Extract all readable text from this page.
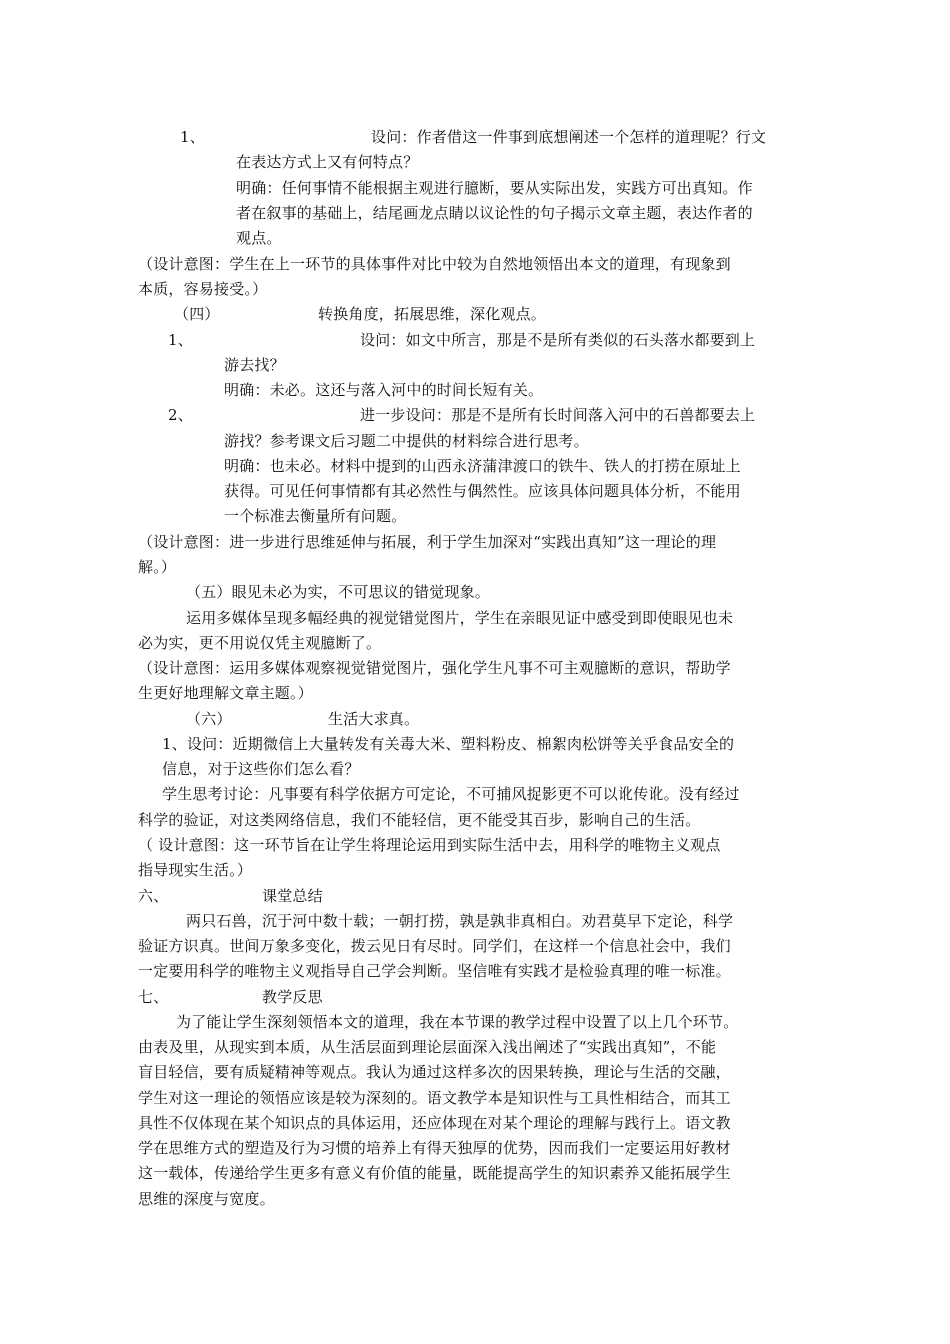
1、	设问：作者借这一件事到底想阐述一个怎样的道理呢？行文
在表达方式上又有何特点？
明确：任何事情不能根据主观进行臆断，要从实际出发，实践方可出真知。作
者在叙事的基础上，结尾画龙点睛以议论性的句子揭示文章主题，表达作者的
观点。
（设计意图：学生在上一环节的具体事件对比中较为自然地领悟出本文的道理，有现象到
本质，容易接受。）
（四）	转换角度，拓展思维，深化观点。
1、	设问：如文中所言，那是不是所有类似的石头落水都要到上
游去找？
明确：未必。这还与落入河中的时间长短有关。
2、	进一步设问：那是不是所有长时间落入河中的石兽都要去上
游找？参考课文后习题二中提供的材料综合进行思考。
明确：也未必。材料中提到的山西永济蒲津渡口的铁牛、铁人的打捞在原址上
获得。可见任何事情都有其必然性与偶然性。应该具体问题具体分析，不能用
一个标准去衡量所有问题。
（设计意图：进一步进行思维延伸与拓展，利于学生加深对“实践出真知”这一理论的理
解。）
（五）眼见未必为实，不可思议的错觉现象。
运用多媒体呈现多幅经典的视觉错觉图片，学生在亲眼见证中感受到即使眼见也未
必为实，更不用说仅凭主观臆断了。
（设计意图：运用多媒体观察视觉错觉图片，强化学生凡事不可主观臆断的意识，帮助学
生更好地理解文章主题。）
（六）	生活大求真。
1、设问：近期微信上大量转发有关毒大米、塑料粉皮、棉絮肉松饼等关乎食品安全的
信息，对于这些你们怎么看？
学生思考讨论：凡事要有科学依据方可定论，不可捕风捉影更不可以讹传讹。没有经过
科学的验证，对这类网络信息，我们不能轻信，更不能受其百步，影响自己的生活。
（ 设计意图：这一环节旨在让学生将理论运用到实际生活中去，用科学的唯物主义观点
指导现实生活。）
六、	课堂总结
两只石兽，沉于河中数十载；一朝打捞，孰是孰非真相白。劝君莫早下定论，科学
验证方识真。世间万象多变化，拨云见日有尽时。同学们，在这样一个信息社会中，我们
一定要用科学的唯物主义观指导自己学会判断。坚信唯有实践才是检验真理的唯一标准。
七、	教学反思
为了能让学生深刻领悟本文的道理，我在本节课的教学过程中设置了以上几个环节。
由表及里，从现实到本质，从生活层面到理论层面深入浅出阐述了“实践出真知”，不能
盲目轻信，要有质疑精神等观点。我认为通过这样多次的因果转换，理论与生活的交融，
学生对这一理论的领悟应该是较为深刻的。语文教学本是知识性与工具性相结合，而其工
具性不仅体现在某个知识点的具体运用，还应体现在对某个理论的理解与践行上。语文教
学在思维方式的塑造及行为习惯的培养上有得天独厚的优势，因而我们一定要运用好教材
这一载体，传递给学生更多有意义有价值的能量，既能提高学生的知识素养又能拓展学生
思维的深度与宽度。
